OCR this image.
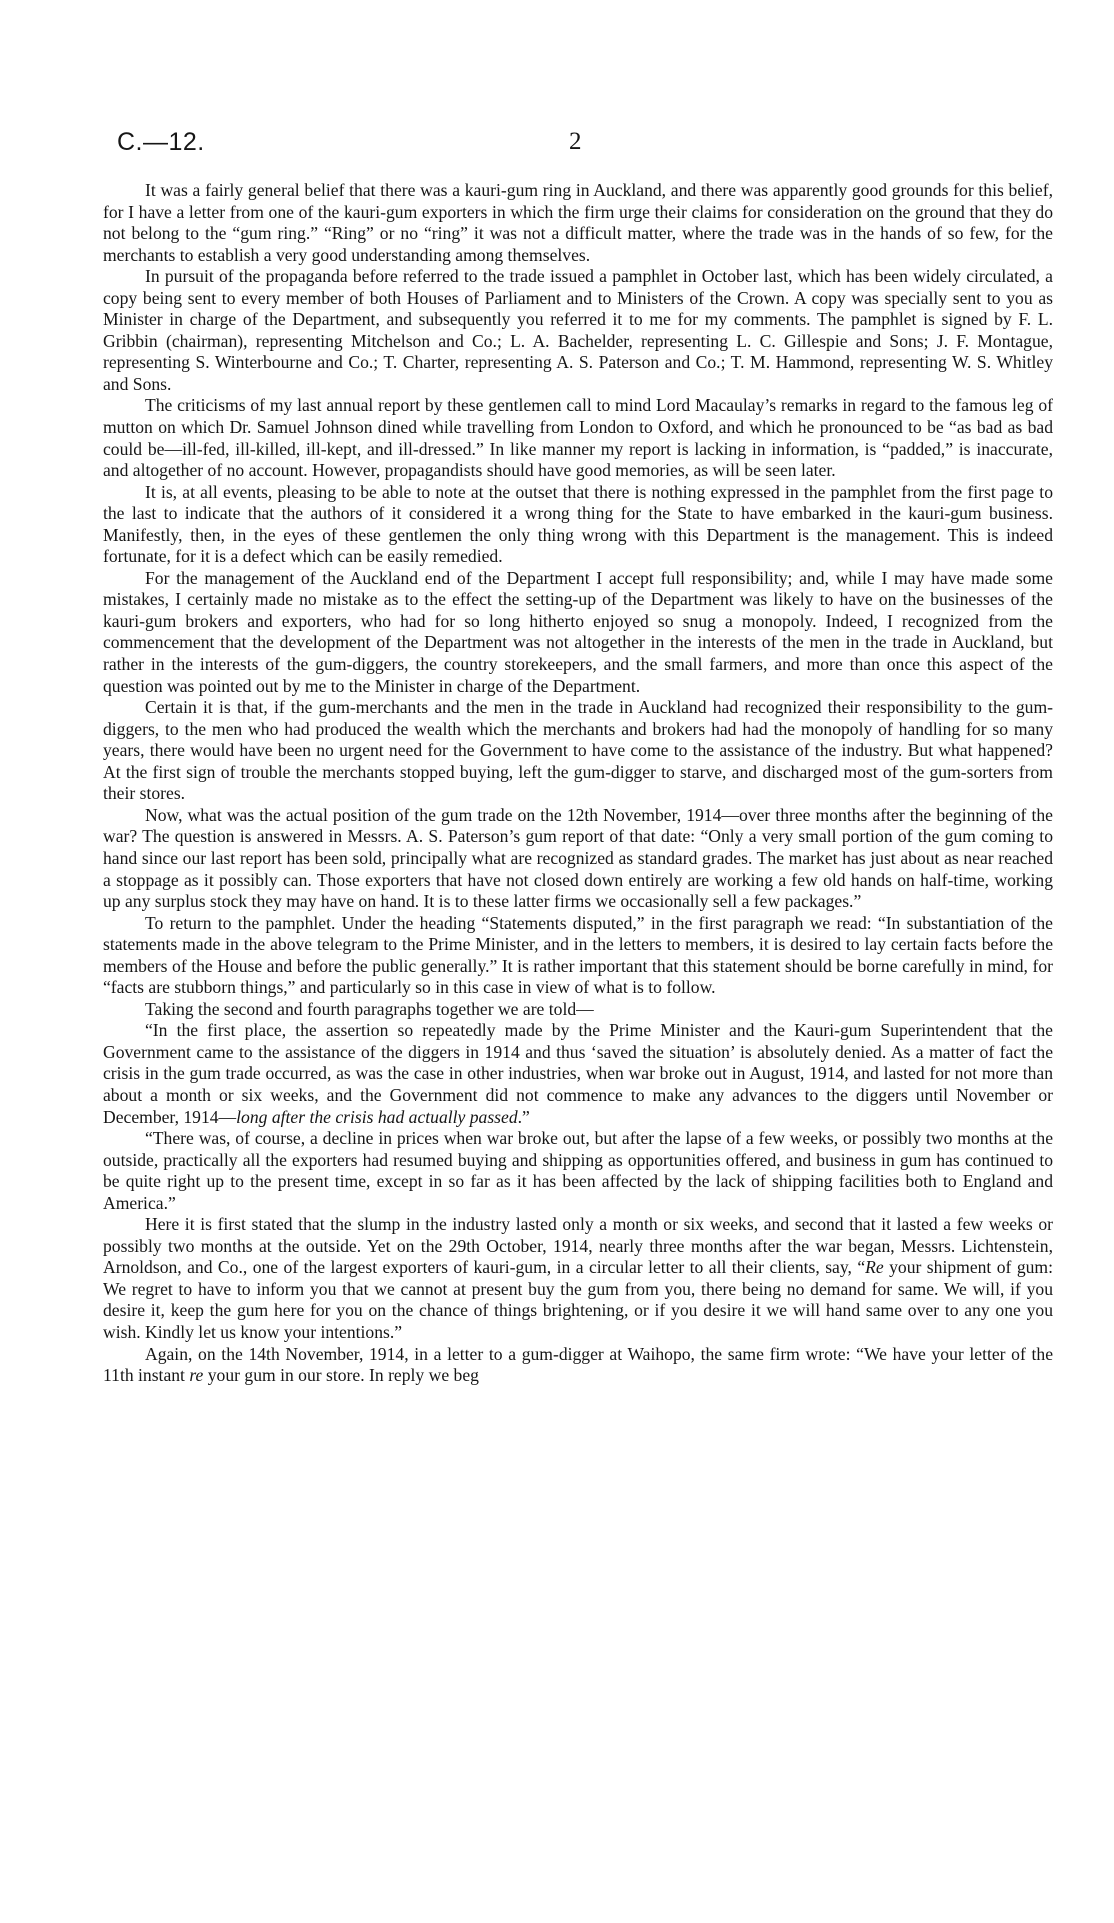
C.—12.	2

It was a fairly general belief that there was a kauri-gum ring in Auckland, and there was apparently good grounds for this belief, for I have a letter from one of the kauri-gum exporters in which the firm urge their claims for consideration on the ground that they do not belong to the “gum ring.” “Ring” or no “ring” it was not a difficult matter, where the trade was in the hands of so few, for the merchants to establish a very good understanding among themselves.

In pursuit of the propaganda before referred to the trade issued a pamphlet in October last, which has been widely circulated, a copy being sent to every member of both Houses of Parliament and to Ministers of the Crown. A copy was specially sent to you as Minister in charge of the Department, and subsequently you referred it to me for my comments. The pamphlet is signed by F. L. Gribbin (chairman), representing Mitchelson and Co.; L. A. Bachelder, representing L. C. Gillespie and Sons; J. F. Montague, representing S. Winterbourne and Co.; T. Charter, representing A. S. Paterson and Co.; T. M. Hammond, representing W. S. Whitley and Sons.

The criticisms of my last annual report by these gentlemen call to mind Lord Macaulay’s remarks in regard to the famous leg of mutton on which Dr. Samuel Johnson dined while travelling from London to Oxford, and which he pronounced to be “as bad as bad could be—ill-fed, ill-killed, ill-kept, and ill-dressed.” In like manner my report is lacking in information, is “padded,” is inaccurate, and altogether of no account. However, propagandists should have good memories, as will be seen later.

It is, at all events, pleasing to be able to note at the outset that there is nothing expressed in the pamphlet from the first page to the last to indicate that the authors of it considered it a wrong thing for the State to have embarked in the kauri-gum business. Manifestly, then, in the eyes of these gentlemen the only thing wrong with this Department is the management. This is indeed fortunate, for it is a defect which can be easily remedied.

For the management of the Auckland end of the Department I accept full responsibility; and, while I may have made some mistakes, I certainly made no mistake as to the effect the setting-up of the Department was likely to have on the businesses of the kauri-gum brokers and exporters, who had for so long hitherto enjoyed so snug a monopoly. Indeed, I recognized from the commencement that the development of the Department was not altogether in the interests of the men in the trade in Auckland, but rather in the interests of the gum-diggers, the country storekeepers, and the small farmers, and more than once this aspect of the question was pointed out by me to the Minister in charge of the Department.

Certain it is that, if the gum-merchants and the men in the trade in Auckland had recognized their responsibility to the gum-diggers, to the men who had produced the wealth which the merchants and brokers had had the monopoly of handling for so many years, there would have been no urgent need for the Government to have come to the assistance of the industry. But what happened? At the first sign of trouble the merchants stopped buying, left the gum-digger to starve, and discharged most of the gum-sorters from their stores.

Now, what was the actual position of the gum trade on the 12th November, 1914—over three months after the beginning of the war? The question is answered in Messrs. A. S. Paterson’s gum report of that date: “Only a very small portion of the gum coming to hand since our last report has been sold, principally what are recognized as standard grades. The market has just about as near reached a stoppage as it possibly can. Those exporters that have not closed down entirely are working a few old hands on half-time, working up any surplus stock they may have on hand. It is to these latter firms we occasionally sell a few packages.”

To return to the pamphlet. Under the heading “Statements disputed,” in the first paragraph we read: “In substantiation of the statements made in the above telegram to the Prime Minister, and in the letters to members, it is desired to lay certain facts before the members of the House and before the public generally.” It is rather important that this statement should be borne carefully in mind, for “facts are stubborn things,” and particularly so in this case in view of what is to follow.

Taking the second and fourth paragraphs together we are told—

“In the first place, the assertion so repeatedly made by the Prime Minister and the Kauri-gum Superintendent that the Government came to the assistance of the diggers in 1914 and thus ‘saved the situation’ is absolutely denied. As a matter of fact the crisis in the gum trade occurred, as was the case in other industries, when war broke out in August, 1914, and lasted for not more than about a month or six weeks, and the Government did not commence to make any advances to the diggers until November or December, 1914—long after the crisis had actually passed.”

“There was, of course, a decline in prices when war broke out, but after the lapse of a few weeks, or possibly two months at the outside, practically all the exporters had resumed buying and shipping as opportunities offered, and business in gum has continued to be quite right up to the present time, except in so far as it has been affected by the lack of shipping facilities both to England and America.”

Here it is first stated that the slump in the industry lasted only a month or six weeks, and second that it lasted a few weeks or possibly two months at the outside. Yet on the 29th October, 1914, nearly three months after the war began, Messrs. Lichtenstein, Arnoldson, and Co., one of the largest exporters of kauri-gum, in a circular letter to all their clients, say, “Re your shipment of gum: We regret to have to inform you that we cannot at present buy the gum from you, there being no demand for same. We will, if you desire it, keep the gum here for you on the chance of things brightening, or if you desire it we will hand same over to any one you wish. Kindly let us know your intentions.”

Again, on the 14th November, 1914, in a letter to a gum-digger at Waihopo, the same firm wrote: “We have your letter of the 11th instant re your gum in our store. In reply we beg
